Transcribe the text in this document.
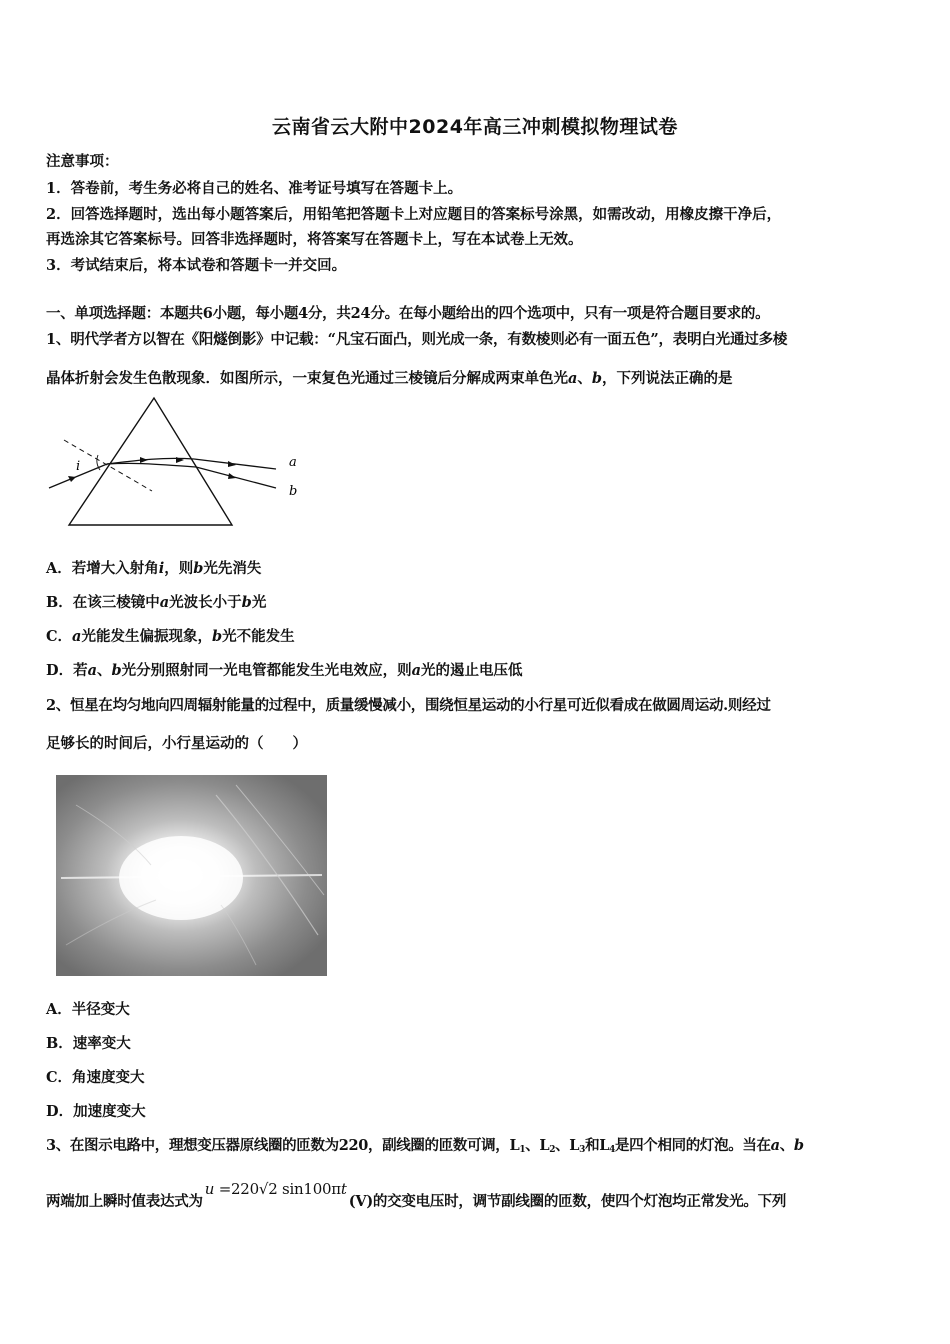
云南省云大附中2024年高三冲刺模拟物理试卷
注意事项：
1．答卷前，考生务必将自己的姓名、准考证号填写在答题卡上。
2．回答选择题时，选出每小题答案后，用铅笔把答题卡上对应题目的答案标号涂黑，如需改动，用橡皮擦干净后，
再选涂其它答案标号。回答非选择题时，将答案写在答题卡上，写在本试卷上无效。
3．考试结束后，将本试卷和答题卡一并交回。
一、单项选择题：本题共6小题，每小题4分，共24分。在每小题给出的四个选项中，只有一项是符合题目要求的。
1、明代学者方以智在《阳燧倒影》中记载：“凡宝石面凸，则光成一条，有数棱则必有一面五色”，表明白光通过多棱
晶体折射会发生色散现象．如图所示，一束复色光通过三棱镜后分解成两束单色光a、b，下列说法正确的是
i	a
b
A．若增大入射角i，则b光先消失
B．在该三棱镜中a光波长小于b光
C．a光能发生偏振现象，b光不能发生
D．若a、b光分别照射同一光电管都能发生光电效应，则a光的遏止电压低
2、恒星在均匀地向四周辐射能量的过程中，质量缓慢减小，围绕恒星运动的小行星可近似看成在做圆周运动.则经过
足够长的时间后，小行星运动的（　　）
A．半径变大
B．速率变大
C．角速度变大
D．加速度变大
3、在图示电路中，理想变压器原线圈的匝数为220，副线圈的匝数可调，$L_1$、$L_2$、$L_3$和$L_4$是四个相同的灯泡。当在a、b
两端加上瞬时值表达式为u =220√2 sin100πt(V)的交变电压时，调节副线圈的匝数，使四个灯泡均正常发光。下列
